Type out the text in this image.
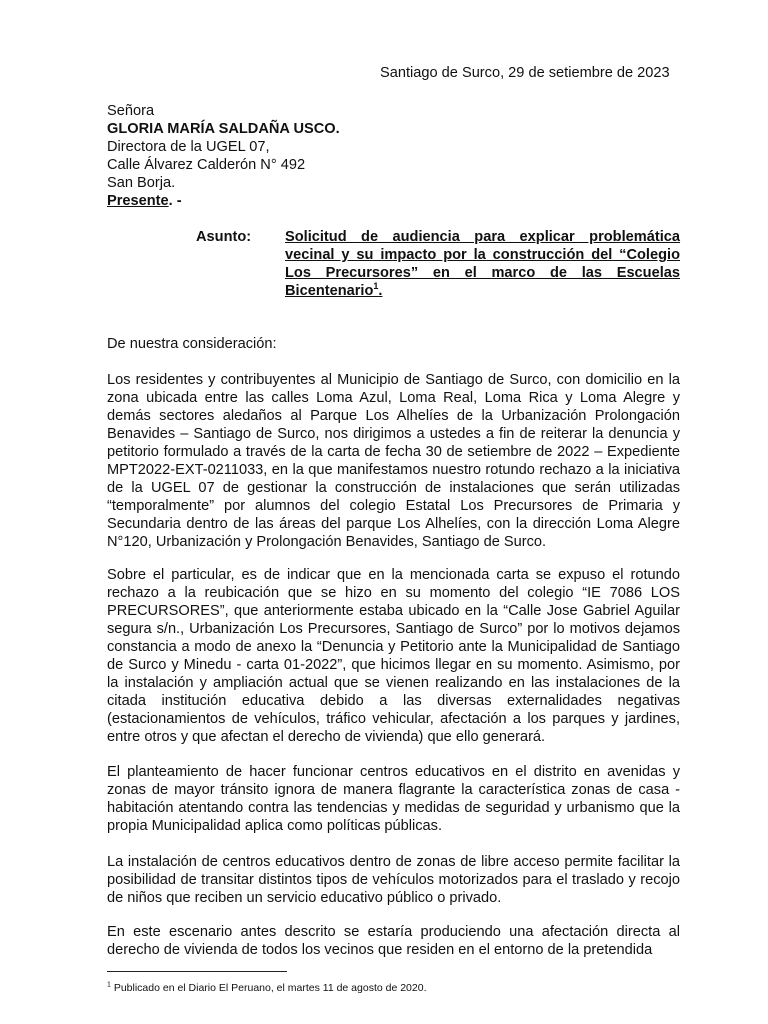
Santiago de Surco, 29 de setiembre de 2023
Señora
GLORIA MARÍA SALDAÑA USCO.
Directora de la UGEL 07,
Calle Álvarez Calderón N° 492
San Borja.
Presente. -
Asunto: Solicitud de audiencia para explicar problemática vecinal y su impacto por la construcción del “Colegio Los Precursores” en el marco de las Escuelas Bicentenario$^1$.
De nuestra consideración:
Los residentes y contribuyentes al Municipio de Santiago de Surco, con domicilio en la zona ubicada entre las calles Loma Azul, Loma Real, Loma Rica y Loma Alegre y demás sectores aledaños al Parque Los Alhelíes de la Urbanización Prolongación Benavides – Santiago de Surco, nos dirigimos a ustedes a fin de reiterar la denuncia y petitorio formulado a través de la carta de fecha 30 de setiembre de 2022 – Expediente MPT2022-EXT-0211033, en la que manifestamos nuestro rotundo rechazo a la iniciativa de la UGEL 07 de gestionar la construcción de instalaciones que serán utilizadas “temporalmente” por alumnos del colegio Estatal Los Precursores de Primaria y Secundaria dentro de las áreas del parque Los Alhelíes, con la dirección Loma Alegre N°120, Urbanización y Prolongación Benavides, Santiago de Surco.
Sobre el particular, es de indicar que en la mencionada carta se expuso el rotundo rechazo a la reubicación que se hizo en su momento del colegio “IE 7086 LOS PRECURSORES”, que anteriormente estaba ubicado en la “Calle Jose Gabriel Aguilar segura s/n., Urbanización Los Precursores, Santiago de Surco” por lo motivos dejamos constancia a modo de anexo la “Denuncia y Petitorio ante la Municipalidad de Santiago de Surco y Minedu - carta 01-2022”, que hicimos llegar en su momento. Asimismo, por la instalación y ampliación actual que se vienen realizando en las instalaciones de la citada institución educativa debido a las diversas externalidades negativas (estacionamientos de vehículos, tráfico vehicular, afectación a los parques y jardines, entre otros y que afectan el derecho de vivienda) que ello generará.
El planteamiento de hacer funcionar centros educativos en el distrito en avenidas y zonas de mayor tránsito ignora de manera flagrante la característica zonas de casa - habitación atentando contra las tendencias y medidas de seguridad y urbanismo que la propia Municipalidad aplica como políticas públicas.
La instalación de centros educativos dentro de zonas de libre acceso permite facilitar la posibilidad de transitar distintos tipos de vehículos motorizados para el traslado y recojo de niños que reciben un servicio educativo público o privado.
En este escenario antes descrito se estaría produciendo una afectación directa al derecho de vivienda de todos los vecinos que residen en el entorno de la pretendida
$^1$ Publicado en el Diario El Peruano, el martes 11 de agosto de 2020.
